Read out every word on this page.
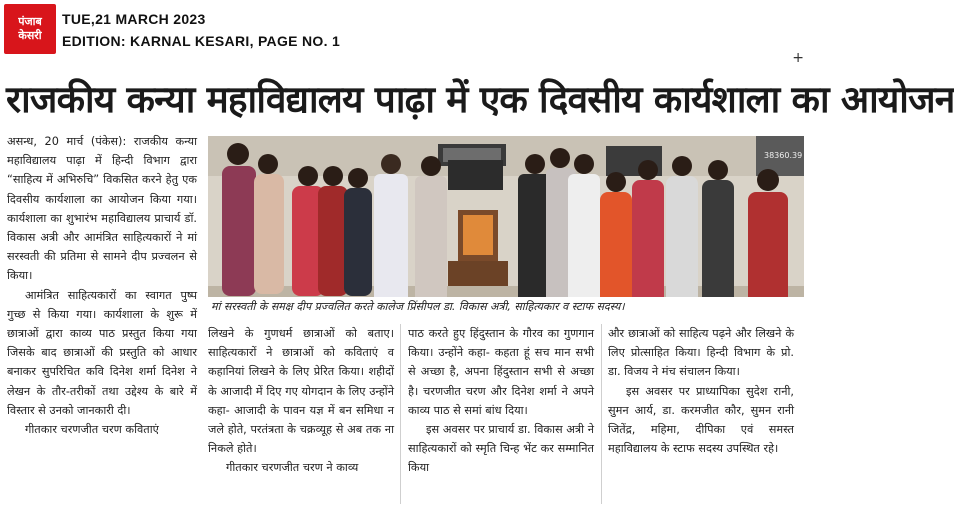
पंजाब
केसरी
TUE,21 MARCH 2023
EDITION: KARNAL KESARI, PAGE NO. 1
+
राजकीय कन्या महाविद्यालय पाढ़ा में एक दिवसीय कार्यशाला का आयोजन

असन्ध, 20 मार्च (पंकेस): राजकीय कन्या महाविद्यालय पाढ़ा में हिन्दी विभाग द्वारा “साहित्य में अभिरुचि” विकसित करने हेतु एक दिवसीय कार्यशाला का आयोजन किया गया। कार्यशाला का शुभारंभ महाविद्यालय प्राचार्य डॉ. विकास अत्री और आमंत्रित साहित्यकारों ने मां सरस्वती की प्रतिमा से सामने दीप प्रज्वलन से किया।

आमंत्रित साहित्यकारों का स्वागत पुष्प गुच्छ से किया गया। कार्यशाला के शुरू में छात्राओं द्वारा काव्य पाठ प्रस्तुत किया गया जिसके बाद छात्राओं की प्रस्तुति को आधार बनाकर सुपरिचित कवि दिनेश शर्मा दिनेश ने लेखन के तौर-तरीकों तथा उद्देश्य के बारे में विस्तार से उनको जानकारी दी।

गीतकार चरणजीत चरण कविताएं

38360.39
मां सरस्वती के समक्ष दीप प्रज्वलित करते कालेज प्रिंसीपल डा. विकास अत्री, साहित्यकार व स्टाफ सदस्य।

लिखने के गुणधर्म छात्राओं को बताए। साहित्यकारों ने छात्राओं को कविताएं व कहानियां लिखने के लिए प्रेरित किया। शहीदों के आजादी में दिए गए योगदान के लिए उन्होंने कहा- आजादी के पावन यज्ञ में बन समिधा न जले होते, परतंत्रता के चक्रव्यूह से अब तक ना निकले होते।

गीतकार चरणजीत चरण ने काव्य

पाठ करते हुए हिंदुस्तान के गौरव का गुणगान किया। उन्होंने कहा- कहता हूं सच मान सभी से अच्छा है, अपना हिंदुस्तान सभी से अच्छा है। चरणजीत चरण और दिनेश शर्मा ने अपने काव्य पाठ से समां बांध दिया।

इस अवसर पर प्राचार्य डा. विकास अत्री ने साहित्यकारों को स्मृति चिन्ह भेंट कर सम्मानित किया

और छात्राओं को साहित्य पढ़ने और लिखने के लिए प्रोत्साहित किया। हिन्दी विभाग के प्रो. डा. विजय ने मंच संचालन किया।

इस अवसर पर प्राध्यापिका सुदेश रानी, सुमन आर्य, डा. करमजीत कौर, सुमन रानी जितेंद्र, महिमा, दीपिका एवं समस्त महाविद्यालय के स्टाफ सदस्य उपस्थित रहे।
